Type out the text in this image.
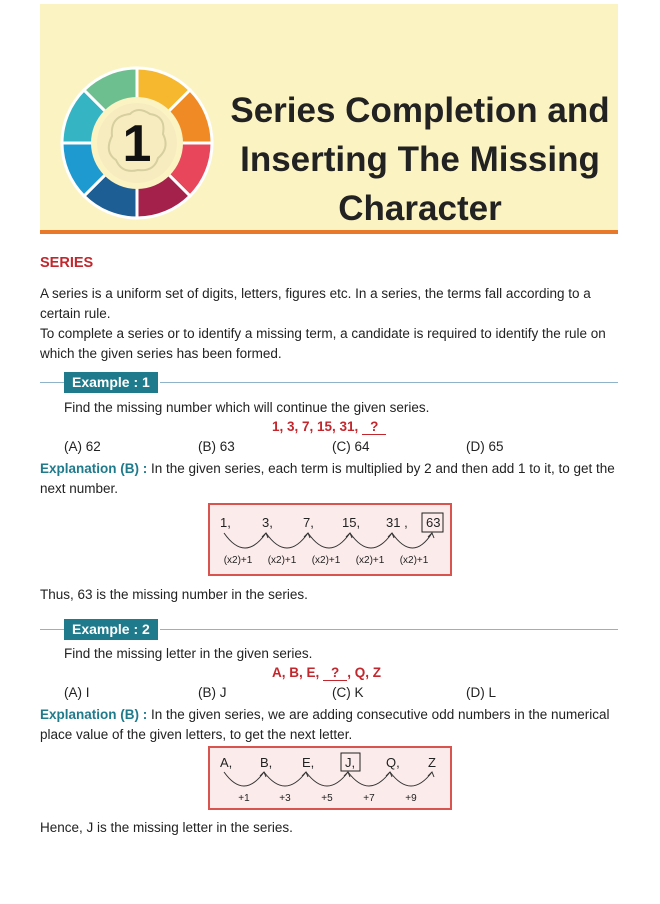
1
Series Completion and
Inserting The Missing
Character
SERIES
A series is a uniform set of digits, letters, figures etc. In a series, the terms fall according to a certain rule.
To complete a series or to identify a missing term, a candidate is required to identify the rule on which the given series has been formed.
Example : 1
Find the missing number which will continue the given series.
1, 3, 7, 15, 31, ?
(A) 62	(B) 63	(C) 64	(D) 65
Explanation (B) : In the given series, each term is multiplied by 2 and then add 1 to it, to get the next number.
1, 3, 7, 15, 31 , 63
(x2)+1 (x2)+1 (x2)+1 (x2)+1 (x2)+1
Thus, 63 is the missing number in the series.
Example : 2
Find the missing letter in the given series.
A, B, E, ? , Q, Z
(A) I	(B) J	(C) K	(D) L
Explanation (B) : In the given series, we are adding consecutive odd numbers in the numerical place value of the given letters, to get the next letter.
A, B, E, J, Q, Z
+1	+3	+5	+7	+9
Hence, J is the missing letter in the series.
